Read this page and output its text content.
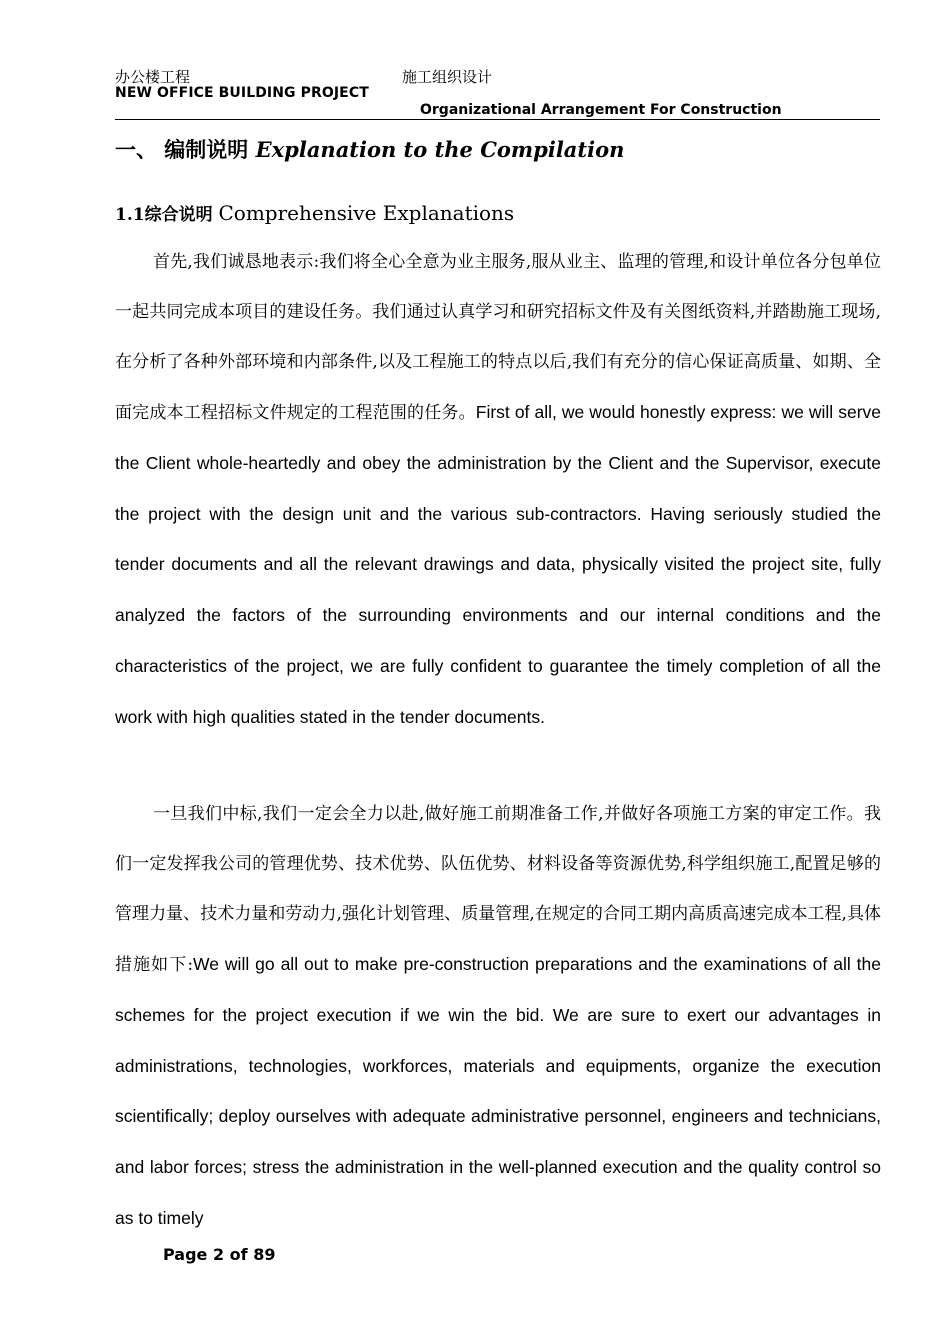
办公楼工程	施工组织设计
NEW OFFICE BUILDING PROJECT
Organizational Arrangement For Construction
一、 编制说明 Explanation to the Compilation
1.1综合说明 Comprehensive Explanations
首先,我们诚恳地表示:我们将全心全意为业主服务,服从业主、监理的管理,和设计单位各分包单位一起共同完成本项目的建设任务。我们通过认真学习和研究招标文件及有关图纸资料,并踏勘施工现场,在分析了各种外部环境和内部条件,以及工程施工的特点以后,我们有充分的信心保证高质量、如期、全面完成本工程招标文件规定的工程范围的任务。First of all, we would honestly express: we will serve the Client whole-heartedly and obey the administration by the Client and the Supervisor, execute the project with the design unit and the various sub-contractors. Having seriously studied the tender documents and all the relevant drawings and data, physically visited the project site, fully analyzed the factors of the surrounding environments and our internal conditions and the characteristics of the project, we are fully confident to guarantee the timely completion of all the work with high qualities stated in the tender documents.
一旦我们中标,我们一定会全力以赴,做好施工前期准备工作,并做好各项施工方案的审定工作。我们一定发挥我公司的管理优势、技术优势、队伍优势、材料设备等资源优势,科学组织施工,配置足够的管理力量、技术力量和劳动力,强化计划管理、质量管理,在规定的合同工期内高质高速完成本工程,具体措施如下:We will go all out to make pre-construction preparations and the examinations of all the schemes for the project execution if we win the bid. We are sure to exert our advantages in administrations, technologies, workforces, materials and equipments, organize the execution scientifically; deploy ourselves with adequate administrative personnel, engineers and technicians, and labor forces; stress the administration in the well-planned execution and the quality control so as to timely
Page 2 of 89
